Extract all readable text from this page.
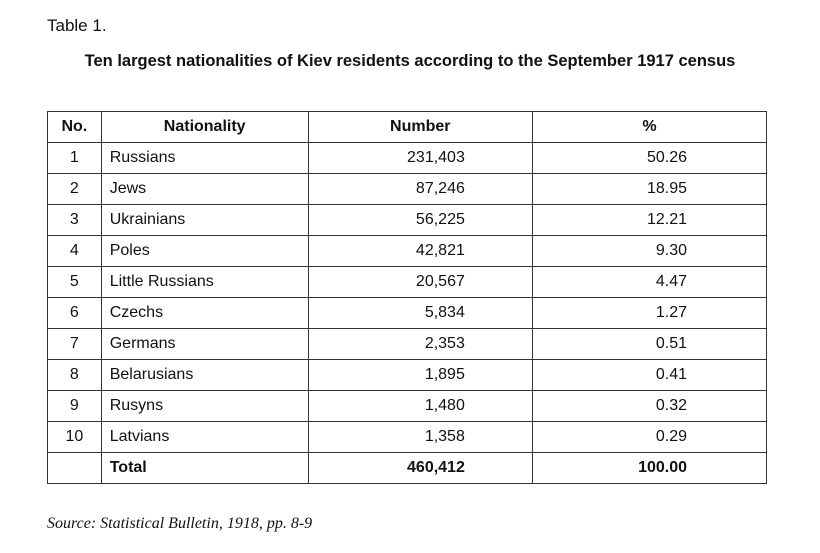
Table 1.
Ten largest nationalities of Kiev residents according to the September 1917 census
No.	Nationality	Number	%
1	Russians	231,403	50.26
2	Jews	87,246	18.95
3	Ukrainians	56,225	12.21
4	Poles	42,821	9.30
5	Little Russians	20,567	4.47
6	Czechs	5,834	1.27
7	Germans	2,353	0.51
8	Belarusians	1,895	0.41
9	Rusyns	1,480	0.32
10	Latvians	1,358	0.29
	Total	460,412	100.00
Source: Statistical Bulletin, 1918, pp. 8-9
